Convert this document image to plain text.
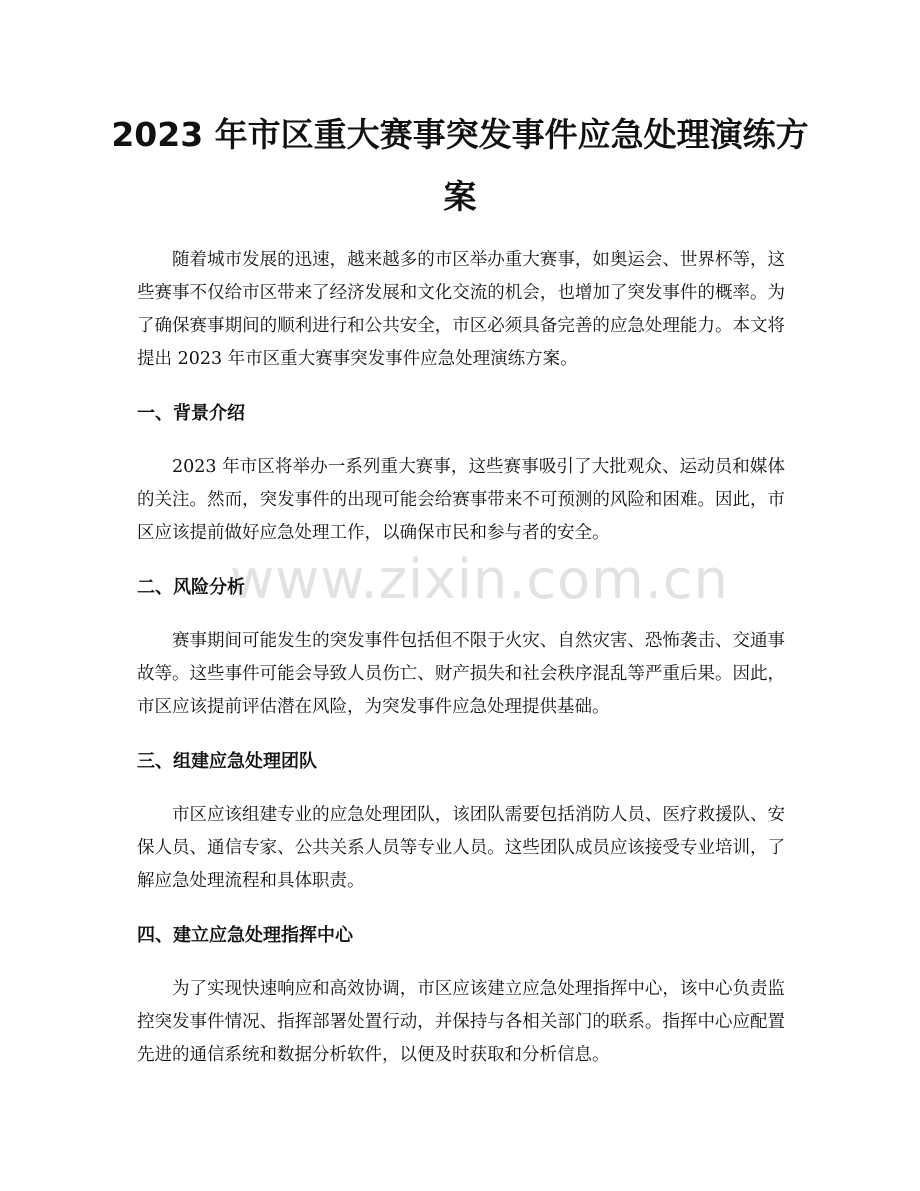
www.zixin.com.cn
2023 年市区重大赛事突发事件应急处理演练方案

随着城市发展的迅速，越来越多的市区举办重大赛事，如奥运会、世界杯等，这些赛事不仅给市区带来了经济发展和文化交流的机会，也增加了突发事件的概率。为了确保赛事期间的顺利进行和公共安全，市区必须具备完善的应急处理能力。本文将提出 2023 年市区重大赛事突发事件应急处理演练方案。

一、背景介绍

2023 年市区将举办一系列重大赛事，这些赛事吸引了大批观众、运动员和媒体的关注。然而，突发事件的出现可能会给赛事带来不可预测的风险和困难。因此，市区应该提前做好应急处理工作，以确保市民和参与者的安全。

二、风险分析

赛事期间可能发生的突发事件包括但不限于火灾、自然灾害、恐怖袭击、交通事故等。这些事件可能会导致人员伤亡、财产损失和社会秩序混乱等严重后果。因此，市区应该提前评估潜在风险，为突发事件应急处理提供基础。

三、组建应急处理团队

市区应该组建专业的应急处理团队，该团队需要包括消防人员、医疗救援队、安保人员、通信专家、公共关系人员等专业人员。这些团队成员应该接受专业培训，了解应急处理流程和具体职责。

四、建立应急处理指挥中心

为了实现快速响应和高效协调，市区应该建立应急处理指挥中心，该中心负责监控突发事件情况、指挥部署处置行动，并保持与各相关部门的联系。指挥中心应配置先进的通信系统和数据分析软件，以便及时获取和分析信息。
